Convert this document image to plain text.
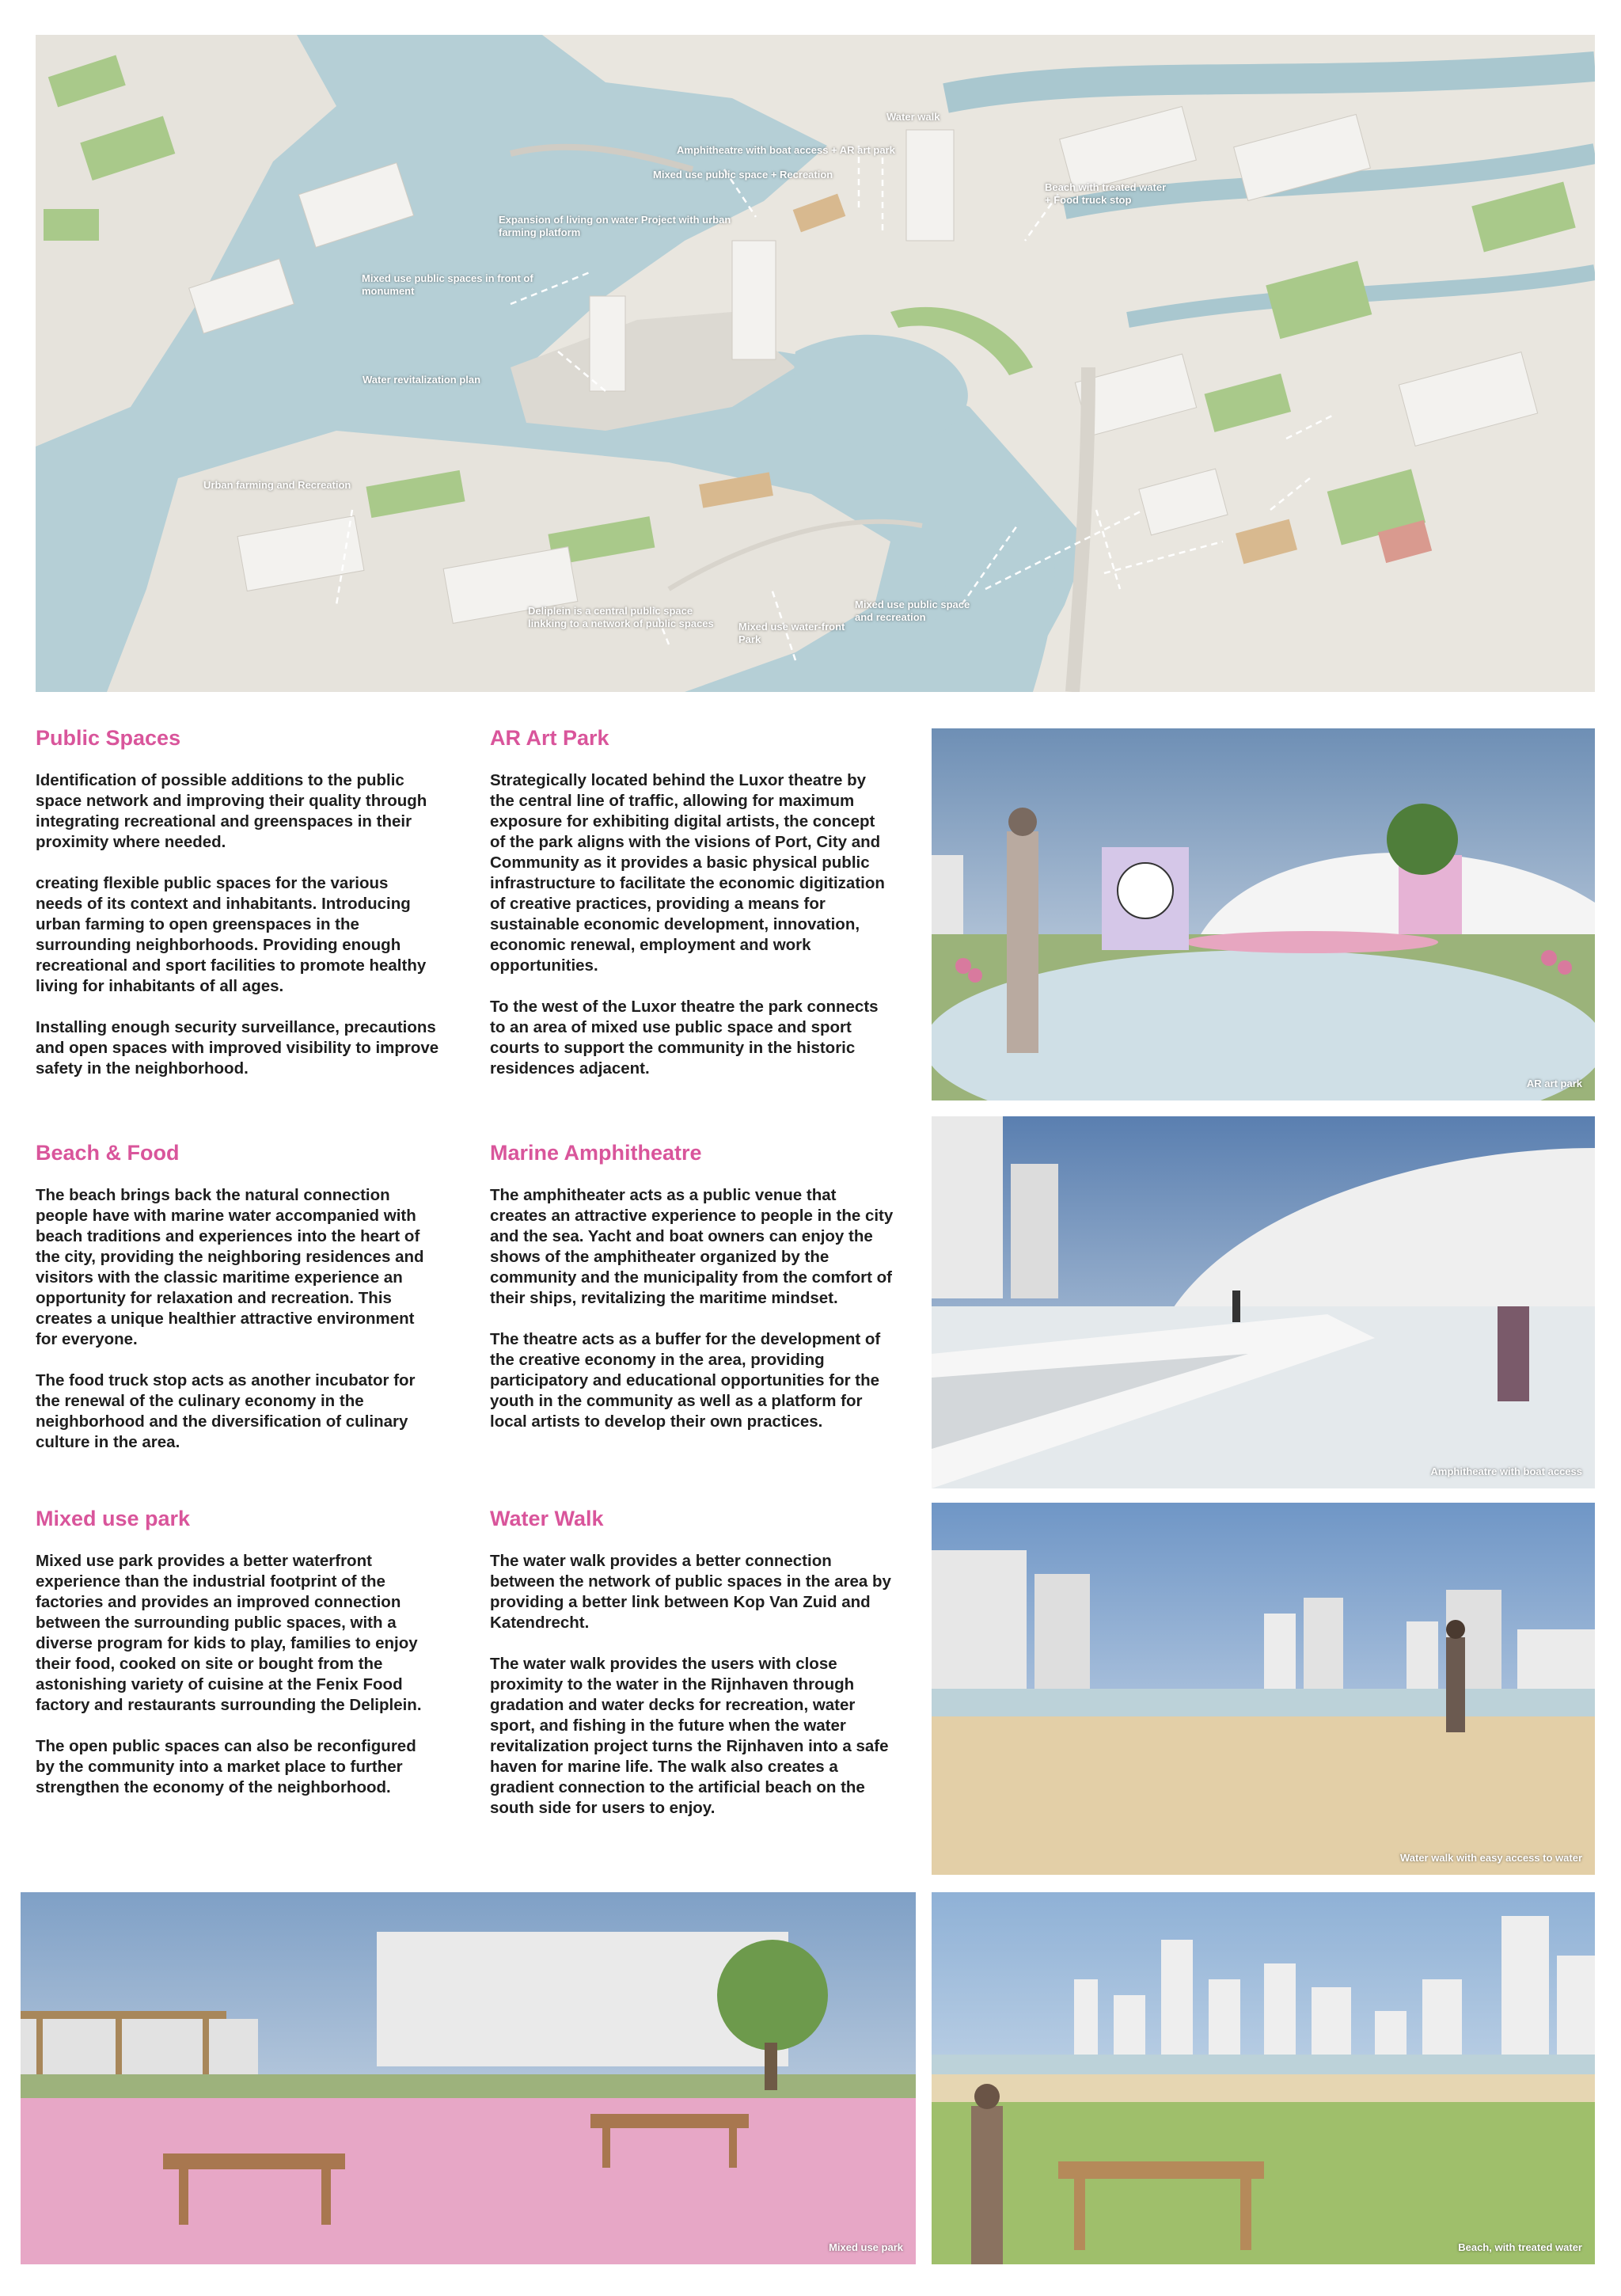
Water walk
Amphitheatre with boat access + AR art park
Mixed use public space + Recreation
Beach with treated water + Food truck stop
Expansion of living on water Project with urban farming platform
Mixed use public spaces in front of monument
Water revitalization plan
Urban farming and Recreation
Deliplein is a central public space linkking to a network of public spaces	Mixed use water-front Park
Mixed use public space and recreation
Public Spaces

Identification of possible additions to the public space network and improving their quality through integrating recreational and greenspaces in their proximity where needed.

creating flexible public spaces for the various needs of its context and inhabitants. Introducing urban farming to open greenspaces in the surrounding neighborhoods. Providing enough recreational and sport facilities to promote healthy living for inhabitants of all ages.

Installing enough security surveillance, precautions and open spaces with improved visibility to improve safety in the neighborhood.

AR Art Park

Strategically located behind the Luxor theatre by the central line of traffic, allowing for maximum exposure for exhibiting digital artists, the concept of the park aligns with the visions of Port, City and Community as it provides a basic physical public infrastructure to facilitate the economic digitization of creative practices, providing a means for sustainable economic development, innovation, economic renewal, employment and work opportunities.

To the west of the Luxor theatre the park connects to an area of mixed use public space and sport courts to support the community in the historic residences adjacent.

Beach & Food

The beach brings back the natural connection people have with marine water accompanied with beach traditions and experiences into the heart of the city, providing the neighboring residences and visitors with the classic maritime experience an opportunity for relaxation and recreation. This creates a unique healthier attractive environment for everyone.

The food truck stop acts as another incubator for the renewal of the culinary economy in the neighborhood and the diversification of culinary culture in the area.

Marine Amphitheatre

The amphitheater acts as a public venue that creates an attractive experience to people in the city and the sea. Yacht and boat owners can enjoy the shows of the amphitheater organized by the community and the municipality from the comfort of their ships, revitalizing the maritime mindset.

The theatre acts as a buffer for the development of the creative economy in the area, providing participatory and educational opportunities for the youth in the community as well as a platform for local artists to develop their own practices.

Mixed use park

Mixed use park provides a better waterfront experience than the industrial footprint of the factories and provides an improved connection between the surrounding public spaces, with a diverse program for kids to play, families to enjoy their food, cooked on site or bought from the astonishing variety of cuisine at the Fenix Food factory and restaurants surrounding the Deliplein.

The open public spaces can also be reconfigured by the community into a market place to further strengthen the economy of the neighborhood.

Water Walk

The water walk provides a better connection between the network of public spaces in the area by providing a better link between Kop Van Zuid and Katendrecht.

The water walk provides the users with close proximity to the water in the Rijnhaven through gradation and water decks for recreation, water sport, and fishing in the future when the water revitalization project turns the Rijnhaven into a safe haven for marine life. The walk also creates a gradient connection to the artificial beach on the south side for users to enjoy.

AR art park
Amphitheatre with boat access
Water walk with easy access to water
Mixed use park	Beach, with treated water
